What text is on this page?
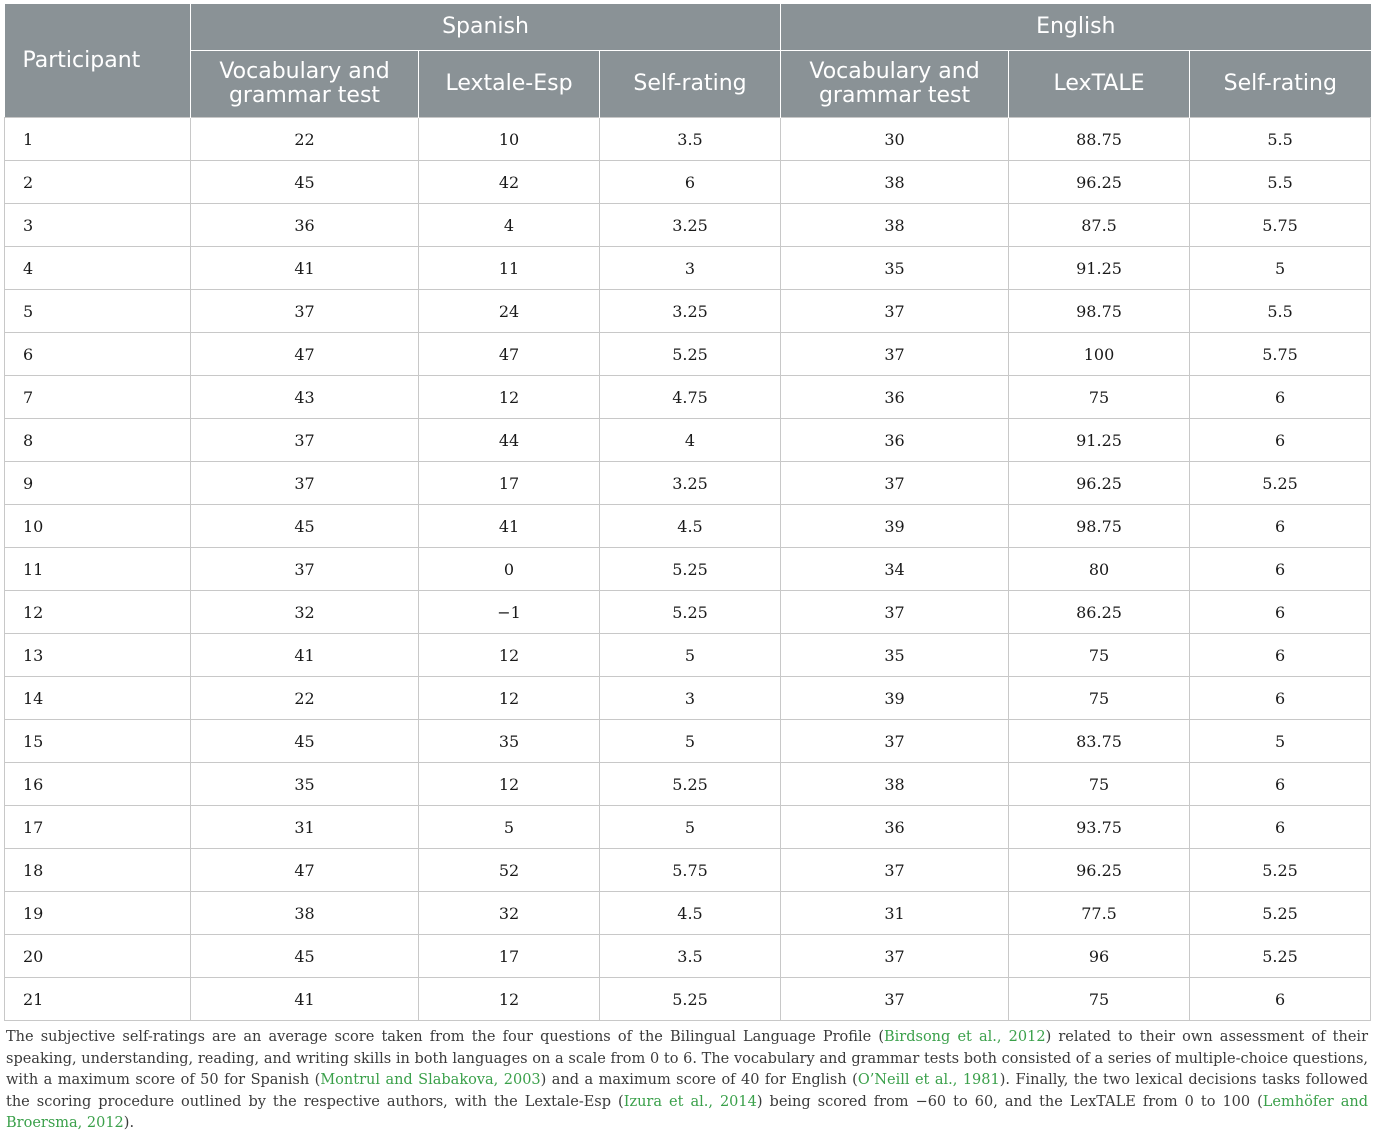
Participant	Spanish			English		
	Vocabulary and grammar test	Lextale-Esp	Self-rating	Vocabulary and grammar test	LexTALE	Self-rating
1	22	10	3.5	30	88.75	5.5
2	45	42	6	38	96.25	5.5
3	36	4	3.25	38	87.5	5.75
4	41	11	3	35	91.25	5
5	37	24	3.25	37	98.75	5.5
6	47	47	5.25	37	100	5.75
7	43	12	4.75	36	75	6
8	37	44	4	36	91.25	6
9	37	17	3.25	37	96.25	5.25
10	45	41	4.5	39	98.75	6
11	37	0	5.25	34	80	6
12	32	−1	5.25	37	86.25	6
13	41	12	5	35	75	6
14	22	12	3	39	75	6
15	45	35	5	37	83.75	5
16	35	12	5.25	38	75	6
17	31	5	5	36	93.75	6
18	47	52	5.75	37	96.25	5.25
19	38	32	4.5	31	77.5	5.25
20	45	17	3.5	37	96	5.25
21	41	12	5.25	37	75	6

The subjective self-ratings are an average score taken from the four questions of the Bilingual Language Profile (Birdsong et al., 2012) related to their own assessment of their speaking, understanding, reading, and writing skills in both languages on a scale from 0 to 6. The vocabulary and grammar tests both consisted of a series of multiple-choice questions, with a maximum score of 50 for Spanish (Montrul and Slabakova, 2003) and a maximum score of 40 for English (O’Neill et al., 1981). Finally, the two lexical decisions tasks followed the scoring procedure outlined by the respective authors, with the Lextale-Esp (Izura et al., 2014) being scored from −60 to 60, and the LexTALE from 0 to 100 (Lemhöfer and Broersma, 2012).
